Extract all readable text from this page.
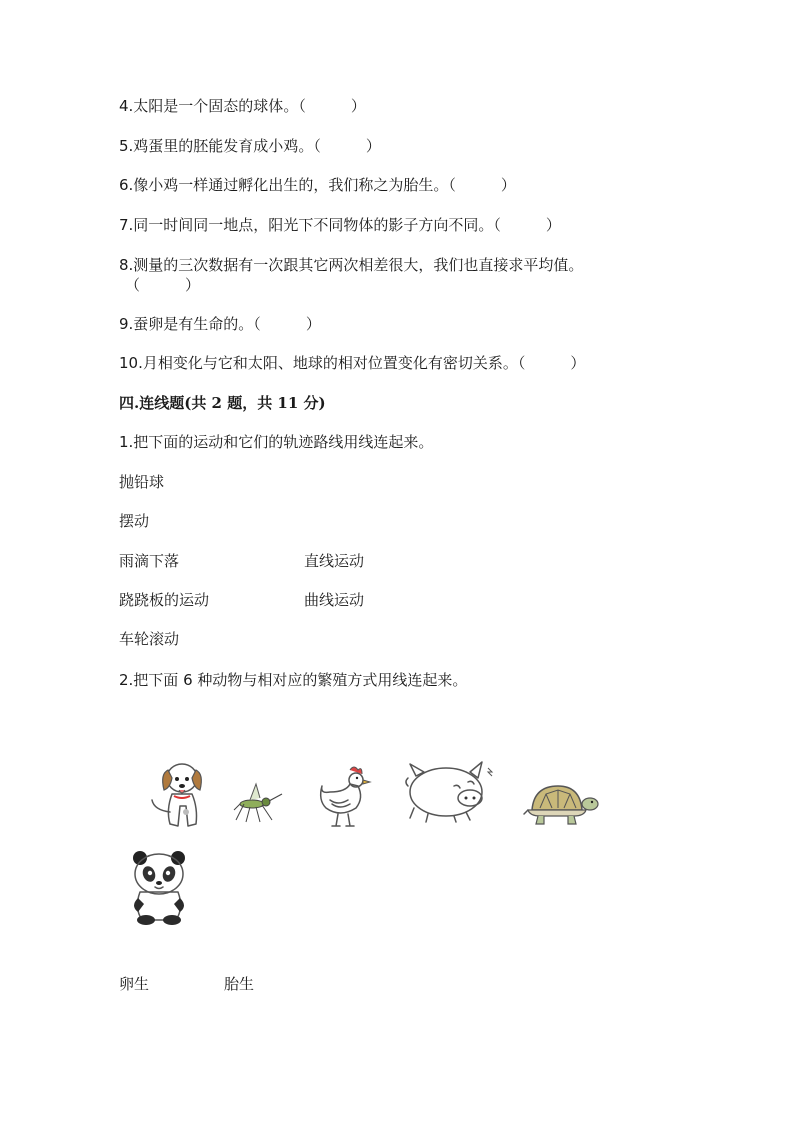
4.太阳是一个固态的球体。（　　　）
5.鸡蛋里的胚能发育成小鸡。（　　　）
6.像小鸡一样通过孵化出生的，我们称之为胎生。（　　　）
7.同一时间同一地点，阳光下不同物体的影子方向不同。（　　　）
8.测量的三次数据有一次跟其它两次相差很大，我们也直接求平均值。
（　　　）
9.蚕卵是有生命的。（　　　）
10.月相变化与它和太阳、地球的相对位置变化有密切关系。（　　　）
四.连线题(共 2 题，共 11 分)
1.把下面的运动和它们的轨迹路线用线连起来。
抛铅球
摆动
雨滴下落	直线运动
跷跷板的运动	曲线运动
车轮滚动
2.把下面 6 种动物与相对应的繁殖方式用线连起来。
卵生	胎生
